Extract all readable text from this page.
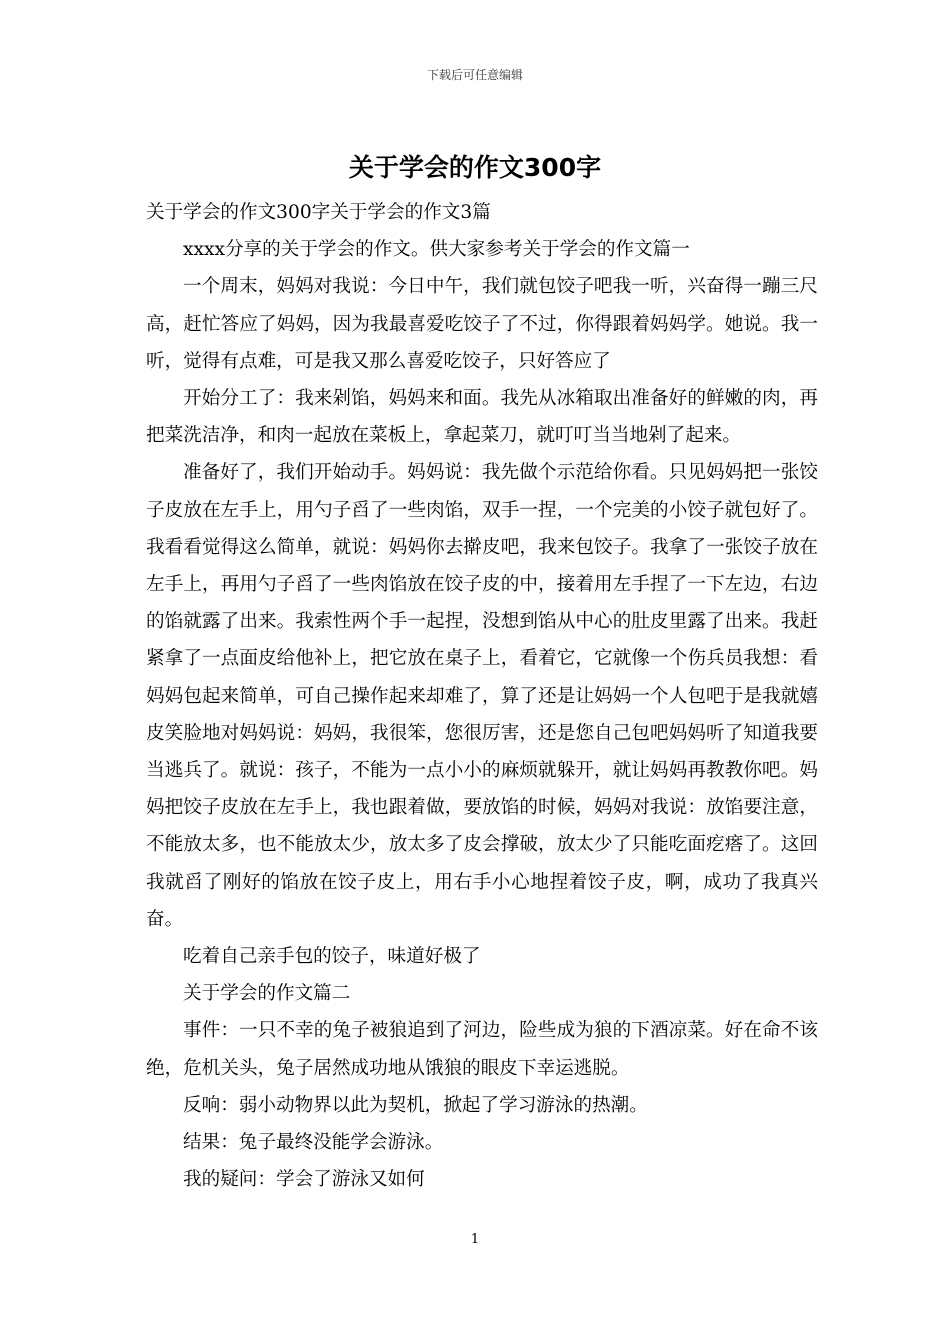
下载后可任意编辑
关于学会的作文300字

关于学会的作文300字关于学会的作文3篇

xxxx分享的关于学会的作文。供大家参考关于学会的作文篇一

一个周末，妈妈对我说：今日中午，我们就包饺子吧我一听，兴奋得一蹦三尺高，赶忙答应了妈妈，因为我最喜爱吃饺子了不过，你得跟着妈妈学。她说。我一听，觉得有点难，可是我又那么喜爱吃饺子，只好答应了

开始分工了：我来剁馅，妈妈来和面。我先从冰箱取出准备好的鲜嫩的肉，再把菜洗洁净，和肉一起放在菜板上，拿起菜刀，就叮叮当当地剁了起来。

准备好了，我们开始动手。妈妈说：我先做个示范给你看。只见妈妈把一张饺子皮放在左手上，用勺子舀了一些肉馅，双手一捏，一个完美的小饺子就包好了。我看看觉得这么简单，就说：妈妈你去擀皮吧，我来包饺子。我拿了一张饺子放在左手上，再用勺子舀了一些肉馅放在饺子皮的中，接着用左手捏了一下左边，右边的馅就露了出来。我索性两个手一起捏，没想到馅从中心的肚皮里露了出来。我赶紧拿了一点面皮给他补上，把它放在桌子上，看着它，它就像一个伤兵员我想：看妈妈包起来简单，可自己操作起来却难了，算了还是让妈妈一个人包吧于是我就嬉皮笑脸地对妈妈说：妈妈，我很笨，您很厉害，还是您自己包吧妈妈听了知道我要当逃兵了。就说：孩子，不能为一点小小的麻烦就躲开，就让妈妈再教教你吧。妈妈把饺子皮放在左手上，我也跟着做，要放馅的时候，妈妈对我说：放馅要注意，不能放太多，也不能放太少，放太多了皮会撑破，放太少了只能吃面疙瘩了。这回我就舀了刚好的馅放在饺子皮上，用右手小心地捏着饺子皮，啊，成功了我真兴奋。

吃着自己亲手包的饺子，味道好极了

关于学会的作文篇二

事件：一只不幸的兔子被狼追到了河边，险些成为狼的下酒凉菜。好在命不该绝，危机关头，兔子居然成功地从饿狼的眼皮下幸运逃脱。

反响：弱小动物界以此为契机，掀起了学习游泳的热潮。

结果：兔子最终没能学会游泳。

我的疑问：学会了游泳又如何

1
